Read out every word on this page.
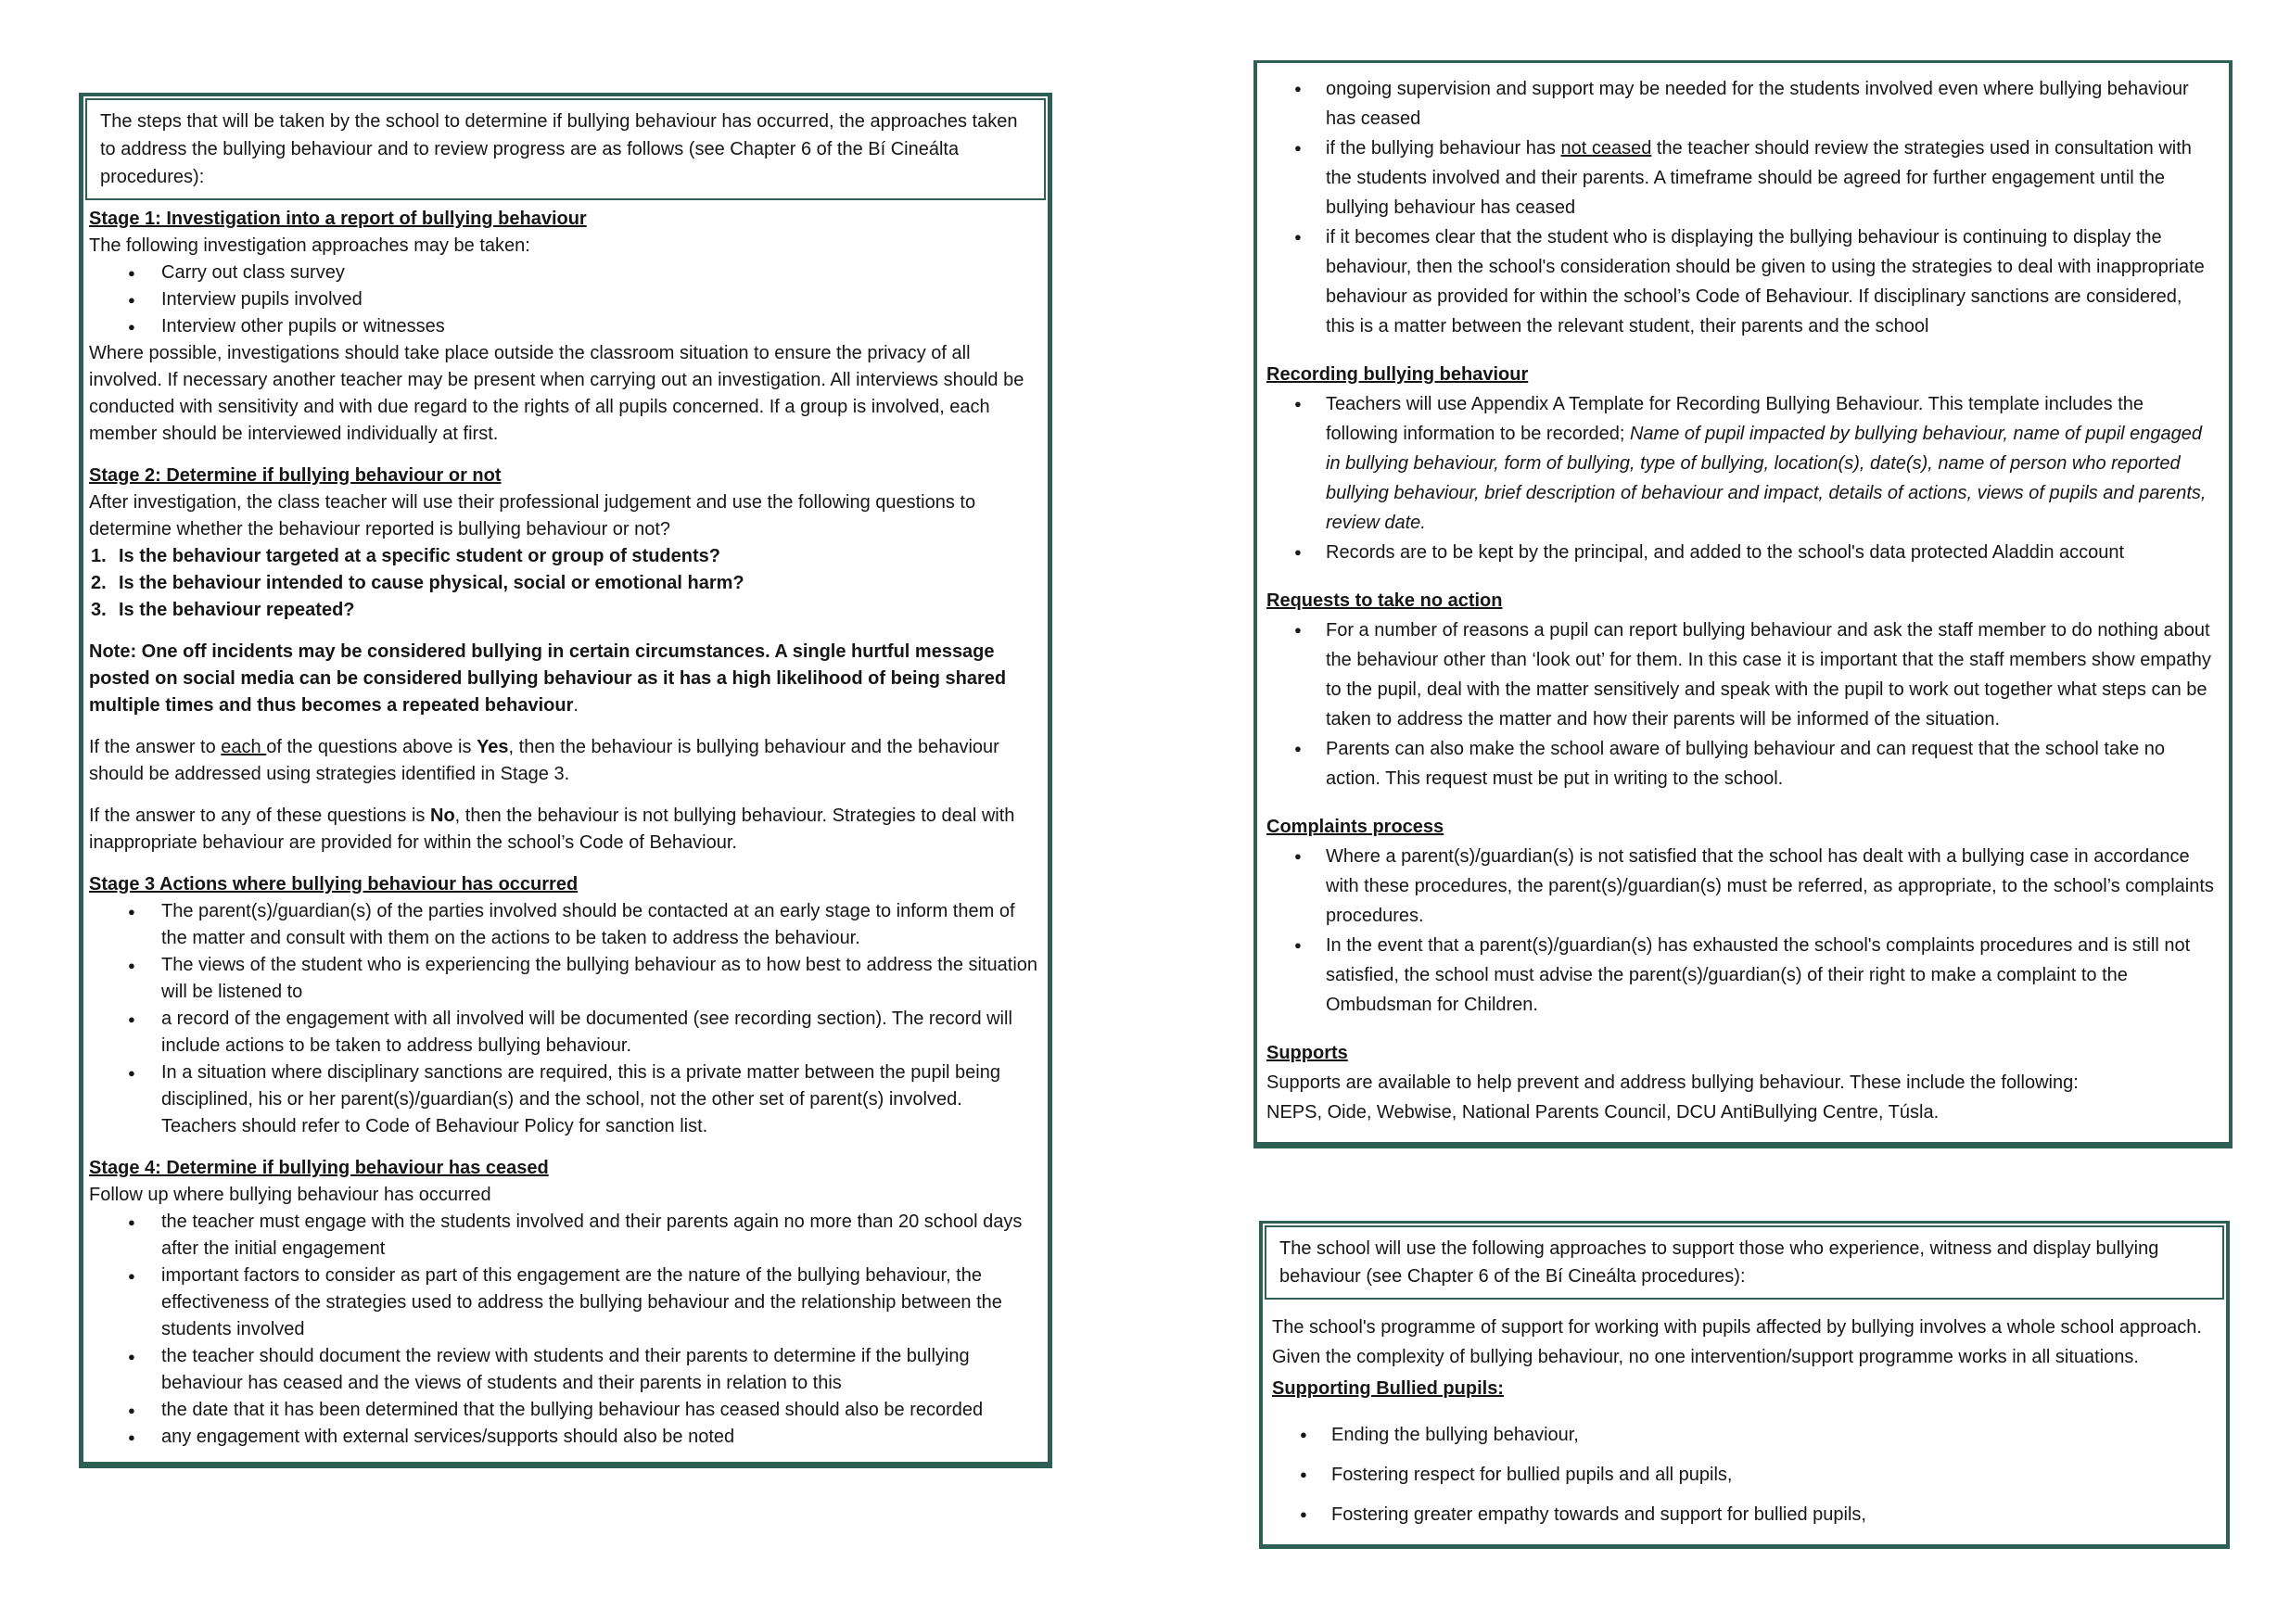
The steps that will be taken by the school to determine if bullying behaviour has occurred, the approaches taken to address the bullying behaviour and to review progress are as follows (see Chapter 6 of the Bí Cineálta procedures):
Stage 1: Investigation into a report of bullying behaviour
The following investigation approaches may be taken:
● Carry out class survey
● Interview pupils involved
● Interview other pupils or witnesses
Where possible, investigations should take place outside the classroom situation to ensure the privacy of all involved. If necessary another teacher may be present when carrying out an investigation. All interviews should be conducted with sensitivity and with due regard to the rights of all pupils concerned. If a group is involved, each member should be interviewed individually at first.
Stage 2: Determine if bullying behaviour or not
After investigation, the class teacher will use their professional judgement and use the following questions to determine whether the behaviour reported is bullying behaviour or not?
1. Is the behaviour targeted at a specific student or group of students?
2. Is the behaviour intended to cause physical, social or emotional harm?
3. Is the behaviour repeated?
Note: One off incidents may be considered bullying in certain circumstances. A single hurtful message posted on social media can be considered bullying behaviour as it has a high likelihood of being shared multiple times and thus becomes a repeated behaviour.
If the answer to each of the questions above is Yes, then the behaviour is bullying behaviour and the behaviour should be addressed using strategies identified in Stage 3.
If the answer to any of these questions is No, then the behaviour is not bullying behaviour. Strategies to deal with inappropriate behaviour are provided for within the school’s Code of Behaviour.
Stage 3 Actions where bullying behaviour has occurred
● The parent(s)/guardian(s) of the parties involved should be contacted at an early stage to inform them of the matter and consult with them on the actions to be taken to address the behaviour.
● The views of the student who is experiencing the bullying behaviour as to how best to address the situation will be listened to
● a record of the engagement with all involved will be documented (see recording section). The record will include actions to be taken to address bullying behaviour.
● In a situation where disciplinary sanctions are required, this is a private matter between the pupil being disciplined, his or her parent(s)/guardian(s) and the school, not the other set of parent(s) involved. Teachers should refer to Code of Behaviour Policy for sanction list.
Stage 4: Determine if bullying behaviour has ceased
Follow up where bullying behaviour has occurred
● the teacher must engage with the students involved and their parents again no more than 20 school days after the initial engagement
● important factors to consider as part of this engagement are the nature of the bullying behaviour, the effectiveness of the strategies used to address the bullying behaviour and the relationship between the students involved
● the teacher should document the review with students and their parents to determine if the bullying behaviour has ceased and the views of students and their parents in relation to this
● the date that it has been determined that the bullying behaviour has ceased should also be recorded
● any engagement with external services/supports should also be noted
● ongoing supervision and support may be needed for the students involved even where bullying behaviour has ceased
● if the bullying behaviour has not ceased the teacher should review the strategies used in consultation with the students involved and their parents. A timeframe should be agreed for further engagement until the bullying behaviour has ceased
● if it becomes clear that the student who is displaying the bullying behaviour is continuing to display the behaviour, then the school's consideration should be given to using the strategies to deal with inappropriate behaviour as provided for within the school’s Code of Behaviour. If disciplinary sanctions are considered, this is a matter between the relevant student, their parents and the school
Recording bullying behaviour
● Teachers will use Appendix A Template for Recording Bullying Behaviour. This template includes the following information to be recorded; Name of pupil impacted by bullying behaviour, name of pupil engaged in bullying behaviour, form of bullying, type of bullying, location(s), date(s), name of person who reported bullying behaviour, brief description of behaviour and impact, details of actions, views of pupils and parents, review date.
● Records are to be kept by the principal, and added to the school's data protected Aladdin account
Requests to take no action
● For a number of reasons a pupil can report bullying behaviour and ask the staff member to do nothing about the behaviour other than ‘look out’ for them. In this case it is important that the staff members show empathy to the pupil, deal with the matter sensitively and speak with the pupil to work out together what steps can be taken to address the matter and how their parents will be informed of the situation.
● Parents can also make the school aware of bullying behaviour and can request that the school take no action. This request must be put in writing to the school.
Complaints process
● Where a parent(s)/guardian(s) is not satisfied that the school has dealt with a bullying case in accordance with these procedures, the parent(s)/guardian(s) must be referred, as appropriate, to the school’s complaints procedures.
● In the event that a parent(s)/guardian(s) has exhausted the school's complaints procedures and is still not satisfied, the school must advise the parent(s)/guardian(s) of their right to make a complaint to the Ombudsman for Children.
Supports
Supports are available to help prevent and address bullying behaviour. These include the following:
NEPS, Oide, Webwise, National Parents Council, DCU AntiBullying Centre, Túsla.
The school will use the following approaches to support those who experience, witness and display bullying behaviour (see Chapter 6 of the Bí Cineálta procedures):
The school's programme of support for working with pupils affected by bullying involves a whole school approach. Given the complexity of bullying behaviour, no one intervention/support programme works in all situations.
Supporting Bullied pupils:
● Ending the bullying behaviour,
● Fostering respect for bullied pupils and all pupils,
● Fostering greater empathy towards and support for bullied pupils,
